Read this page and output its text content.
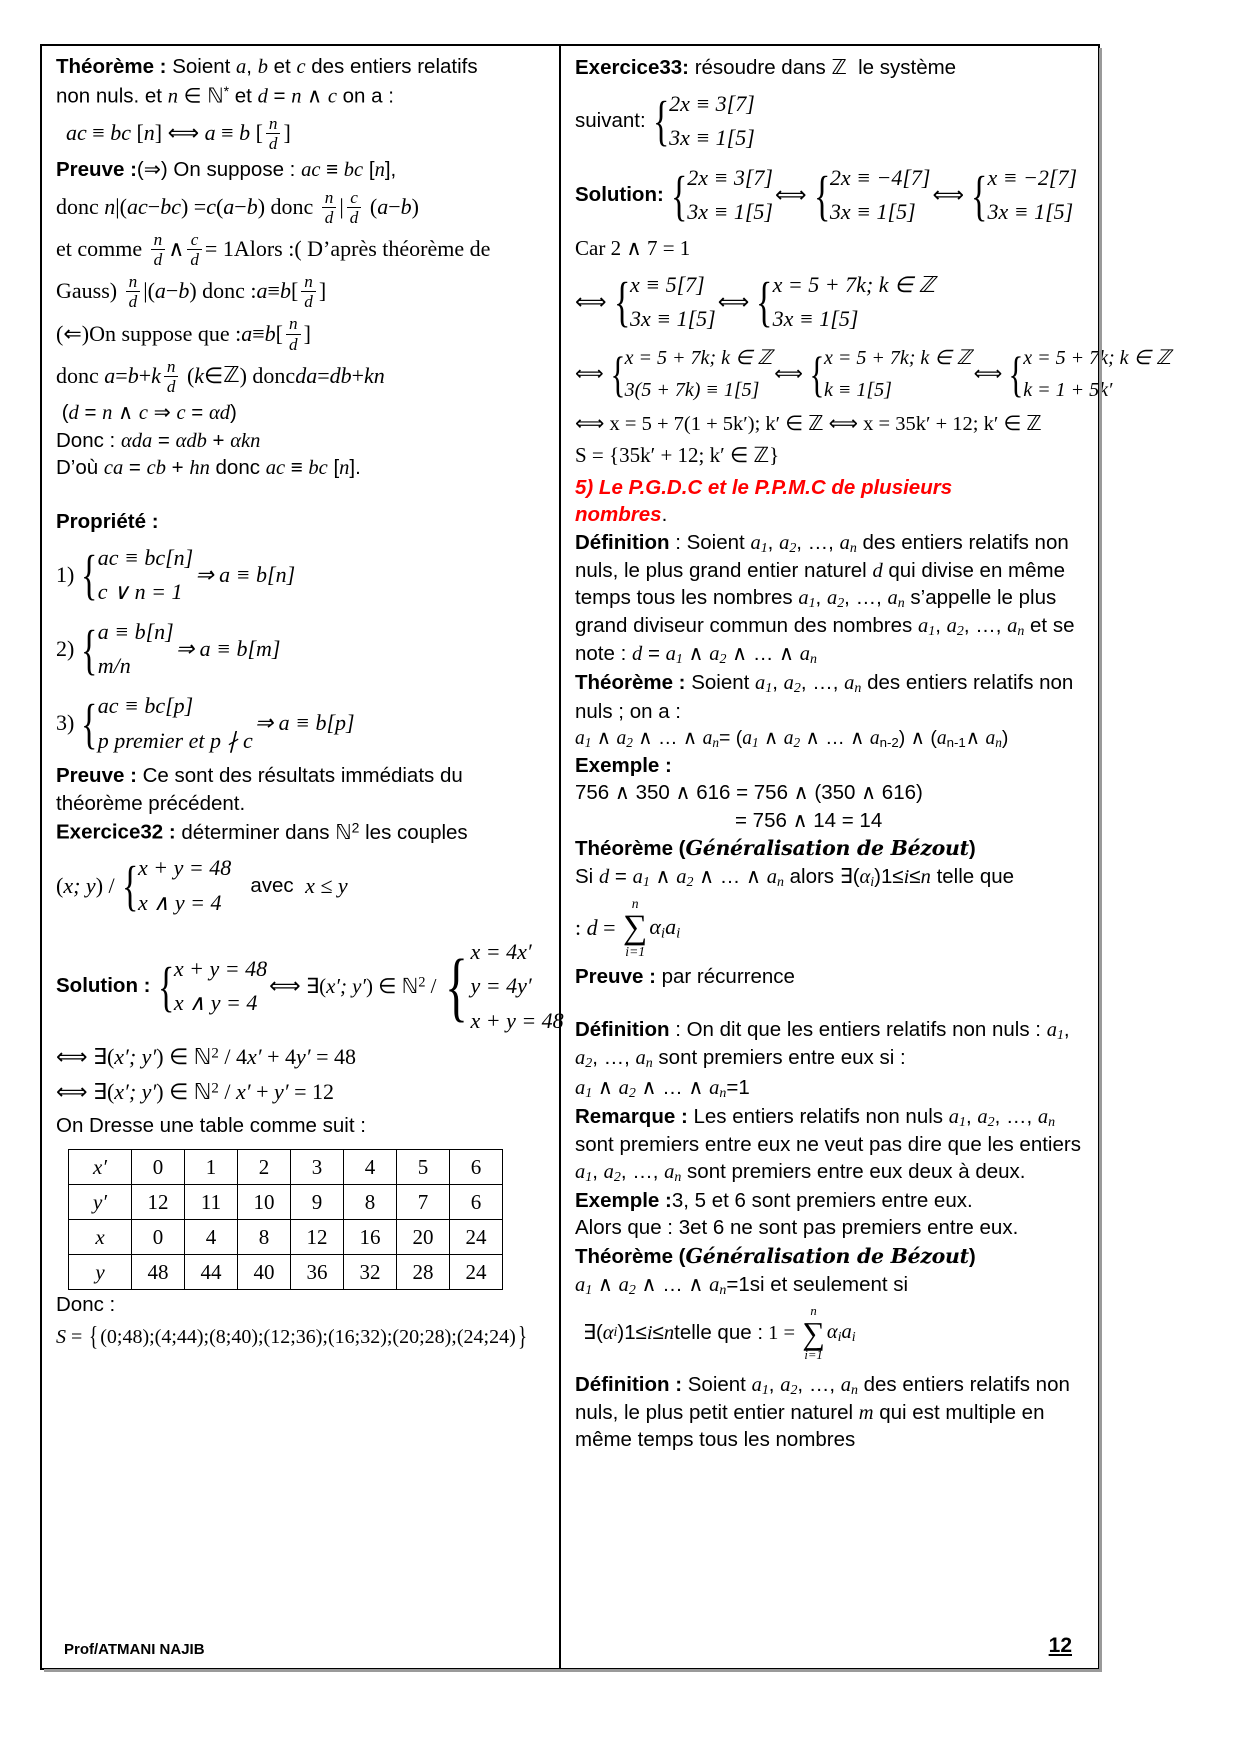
Théorème : Soient a, b et c des entiers relatifs

non nuls. et n ∈ ℕ* et d = n ∧ c on a :

ac ≡ bc [ n ] ⟺ a ≡ b [ $\frac{n}{d}$ ]

Preuve :(⇒) On suppose : ac ≡ bc [n],

donc n |( ac − bc ) = c ( a − b ) donc $\frac{n}{d}$ | $\frac{c}{d}$ ( a − b )
et comme $\frac{n}{d}$ ∧ $\frac{c}{d}$ = 1Alors :( D’après théorème de
Gauss) $\frac{n}{d}$ |( a − b ) donc : a ≡ b [ $\frac{n}{d}$ ]
(⇐)On suppose que : a ≡ b [ $\frac{n}{d}$ ]
donc a = b + k $\frac{n}{d}$ ( k ∈ ℤ ) donc da = db + kn

(d = n ∧ c ⇒ c = αd)

Donc : αda = αdb + αkn

D’où ca = cb + hn donc ac ≡ bc [n].

Propriété :

1) { ac ≡ bc[n]
c ∨ n = 1
⇒ a ≡ b[n]
2) { a ≡ b[n]
m/n
⇒ a ≡ b[m]
3) { ac ≡ bc[p]
p premier et p ∤ c
⇒ a ≡ b[p]

Preuve : Ce sont des résultats immédiats du

théorème précédent.

Exercice32 : déterminer dans ℕ$^2$ les couples

( x; y ) / { x + y = 48
x ∧ y = 4
avec x ≤ y
Solution : { x + y = 48
x ∧ y = 4
⟺ ∃(x′; y′) ∈ ℕ$^2$ / { x = 4x′
y = 4y′
x + y = 48
⟺ ∃(x′; y′) ∈ ℕ$^2$ / 4x′ + 4y′ = 48
⟺ ∃(x′; y′) ∈ ℕ$^2$ / x′ + y′ = 12

On Dresse une table comme suit :

x′	0	1	2	3	4	5	6
y′	12	11	10	9	8	7	6
x	0	4	8	12	16	20	24
y	48	44	40	36	32	28	24

Donc :

S = { (0;48);(4;44);(8;40);(12;36);(16;32);(20;28);(24;24) }

Exercice33: résoudre dans ℤ  le système

suivant: { 2x ≡ 3[7]
3x ≡ 1[5]
Solution: { 2x ≡ 3[7]
3x ≡ 1[5]
⟺ { 2x ≡ −4[7]
3x ≡ 1[5]
⟺ { x ≡ −2[7]
3x ≡ 1[5]

Car 2 ∧ 7 = 1

⟺ { x ≡ 5[7]
3x ≡ 1[5]
⟺ { x = 5 + 7k; k ∈ ℤ
3x ≡ 1[5]
⟺ { x = 5 + 7k; k ∈ ℤ
3(5 + 7k) ≡ 1[5]
⟺ { x = 5 + 7k; k ∈ ℤ
k ≡ 1[5]
⟺ { x = 5 + 7k; k ∈ ℤ
k = 1 + 5k′
⟺ x = 5 + 7(1 + 5k′); k′ ∈ ℤ ⟺ x = 35k′ + 12; k′ ∈ ℤ
S = {35k′ + 12; k′ ∈ ℤ}

5) Le P.G.D.C et le P.P.M.C de plusieurs

nombres.

Définition : Soient $a_1$, $a_2$, …, $a_n$ des entiers relatifs non nuls, le plus grand entier naturel d qui divise en même temps tous les nombres $a_1$, $a_2$, …, $a_n$ s’appelle le plus grand diviseur commun des nombres $a_1$, $a_2$, …, $a_n$ et se note : $d = a_1$ ∧ $a_2$ ∧ … ∧ $a_n$

Théorème : Soient $a_1$, $a_2$, …, $a_n$ des entiers relatifs non nuls ; on a :

$a_1$ ∧ $a_2$ ∧ … ∧ $a_n= (a_1$ ∧ $a_2$ ∧ … ∧ $a_{n-2}$) ∧ ($a_{n-1}\wedge$ $a_n$)

Exemple :

756 ∧ 350 ∧ 616 = 756 ∧ (350 ∧ 616)

= 756 ∧ 14 = 14

Théorème (Généralisation de Bézout)

Si $d = a_1$ ∧ $a_2$ ∧ … ∧ $a_n$ alors $\exists(\alpha_i)1\le i\le n$ telle que

: d =
n
∑
i=1
$\alpha_ia_i$

Preuve : par récurrence

Définition : On dit que les entiers relatifs non nuls : $a_1$, $a_2$, …, $a_n$ sont premiers entre eux si :

$a_1$ ∧ $a_2$ ∧ … ∧ $a_n=1$

Remarque : Les entiers relatifs non nuls $a_1$, $a_2$, …, $a_n$ sont premiers entre eux ne veut pas dire que les entiers $a_1$, $a_2$, …, $a_n$ sont premiers entre eux deux à deux.

Exemple :3, 5 et 6 sont premiers entre eux.

Alors que : 3et 6 ne sont pas premiers entre eux.

Théorème (Généralisation de Bézout)

$a_1$ ∧ $a_2$ ∧ … ∧ $a_n=1si$ et seulement si

∃( α i )1≤ i ≤ n telle que : 1 =
n
∑
i=1
$\alpha_ia_i$

Définition : Soient $a_1$, $a_2$, …, $a_n$ des entiers relatifs non nuls, le plus petit entier naturel m qui est multiple en même temps tous les nombres

Prof/ATMANI NAJIB	12
